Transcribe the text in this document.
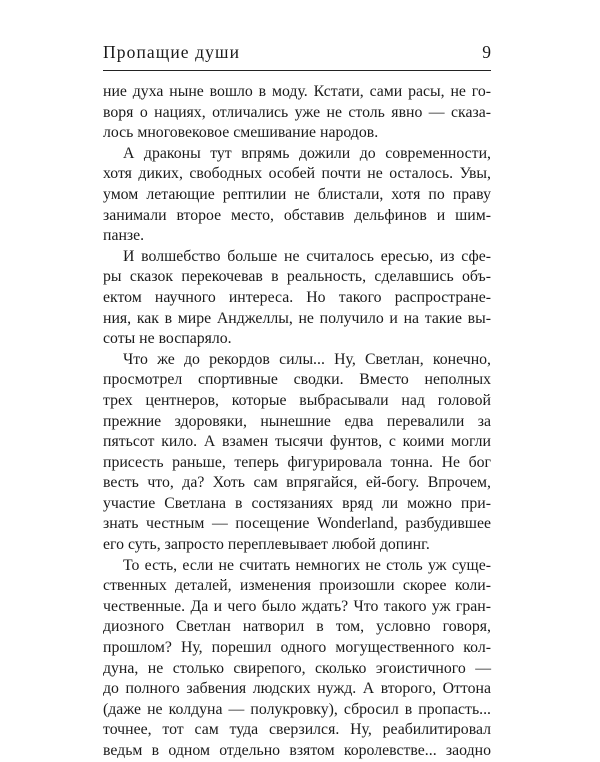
Пропащие души	9
ние духа ныне вошло в моду. Кстати, сами расы, не го-
воря о нациях, отличались уже не столь явно — сказа-
лось многовековое смешивание народов.
А драконы тут впрямь дожили до современности,
хотя диких, свободных особей почти не осталось. Увы,
умом летающие рептилии не блистали, хотя по праву
занимали второе место, обставив дельфинов и шим-
панзе.
И волшебство больше не считалось ересью, из сфе-
ры сказок перекочевав в реальность, сделавшись объ-
ектом научного интереса. Но такого распростране-
ния, как в мире Анджеллы, не получило и на такие вы-
соты не воспаряло.
Что же до рекордов силы... Ну, Светлан, конечно,
просмотрел спортивные сводки. Вместо неполных
трех центнеров, которые выбрасывали над головой
прежние здоровяки, нынешние едва перевалили за
пятьсот кило. А взамен тысячи фунтов, с коими могли
присесть раньше, теперь фигурировала тонна. Не бог
весть что, да? Хоть сам впрягайся, ей-богу. Впрочем,
участие Светлана в состязаниях вряд ли можно при-
знать честным — посещение Wonderland, разбудившее
его суть, запросто переплевывает любой допинг.
То есть, если не считать немногих не столь уж суще-
ственных деталей, изменения произошли скорее коли-
чественные. Да и чего было ждать? Что такого уж гран-
диозного Светлан натворил в том, условно говоря,
прошлом? Ну, порешил одного могущественного кол-
дуна, не столько свирепого, сколько эгоистичного —
до полного забвения людских нужд. А второго, Оттона
(даже не колдуна — полукровку), сбросил в пропасть...
точнее, тот сам туда сверзился. Ну, реабилитировал
ведьм в одном отдельно взятом королевстве... заодно
